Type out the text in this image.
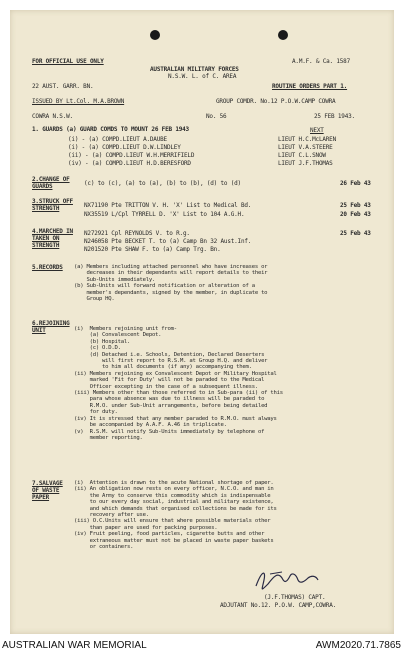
FOR OFFICIAL USE ONLY	A.M.F. & Ca. 1587
AUSTRALIAN MILITARY FORCES
N.S.W. L. of C. AREA
22 AUST. GARR. BN.	ROUTINE ORDERS PART 1.
ISSUED BY Lt.Col. M.A.BROWN	GROUP COMDR. No.12 P.O.W.CAMP COWRA
COWRA N.S.W.	No. 56	25 FEB 1943.
1. GUARDS (a) GUARD COMDS TO MOUNT 26 FEB 1943	NEXT
(i) - (a) COMPD.LIEUT A.DAUBE	LIEUT H.C.McLAREN
(i) - (a) COMPD.LIEUT D.W.LINDLEY	LIEUT V.A.STEERE
(ii) - (a) COMPD.LIEUT W.H.MERRIFIELD	LIEUT C.L.SNOW
(iv) - (a) COMPD.LIEUT H.D.BERESFORD	LIEUT J.F.THOMAS
2.CHANGE OF GUARDS	(c) to (c), (a) to (a), (b) to (b), (d) to (d)	26 Feb 43
3.STRUCK OFF STRENGTH	NX71190 Pte TRITTON V. H. 'X' List to Medical Bd.	25 Feb 43
NX35519 L/Cpl TYRRELL D. 'X' List to 104 A.G.H.	20 Feb 43
4.MARCHED IN TAKEN ON STRENGTH
N272921 Cpl REYNOLDS V. to R.g.	25 Feb 43
N246058 Pte BECKET T. to (a) Camp Bn 32 Aust.Inf.
N201520 Pte SHAW F. to (a) Camp Trg. Bn.
5.RECORDS (a) Members including attached personnel who have increases or
decreases in their dependants will report details to their
Sub-Units immediately.
(b) Sub-Units will forward notification or alteration of a
member's dependants, signed by the member, in duplicate to
Group HQ.
6.REJOINING UNIT	(i)  Members rejoining unit from-
(a) Convalescent Depot.
(b) Hospital.
(c) O.D.D.
(d) Detached i.e. Schools, Detention, Declared Deserters
will first report to R.S.M. at Group H.Q. and deliver
to him all documents (if any) accompanying them.
(ii) Members rejoining ex Convalescent Depot or Military Hospital
marked 'Fit for Duty' will not be paraded to the Medical
Officer excepting in the case of a subsequent illness.
(iii) Members other than those referred to in Sub-para (ii) of this
para whose absence was due to illness will be paraded to
R.M.O. under Sub-Unit arrangements, before being detailed
for duty.
(iv) It is stressed that any member paraded to R.M.O. must always
be accompanied by A.A.F. A.46 in triplicate.
(v)  R.S.M. will notify Sub-Units immediately by telephone of
member reporting.
7.SALVAGE OF WASTE PAPER
(i)  Attention is drawn to the acute National shortage of paper.
(ii) An obligation now rests on every officer, N.C.O. and man in
the Army to conserve this commodity which is indispensable
to our every day social, industrial and military existence,
and which demands that organised collections be made for its
recovery after use.
(iii) O.C.Units will ensure that where possible materials other
than paper are used for packing purposes.
(iv) Fruit peeling, food particles, cigarette butts and other
extraneous matter must not be placed in waste paper baskets
or containers.
(J.F.THOMAS) CAPT.
ADJUTANT No.12. P.O.W. CAMP,COWRA.
AUSTRALIAN WAR MEMORIAL	AWM2020.71.7865
